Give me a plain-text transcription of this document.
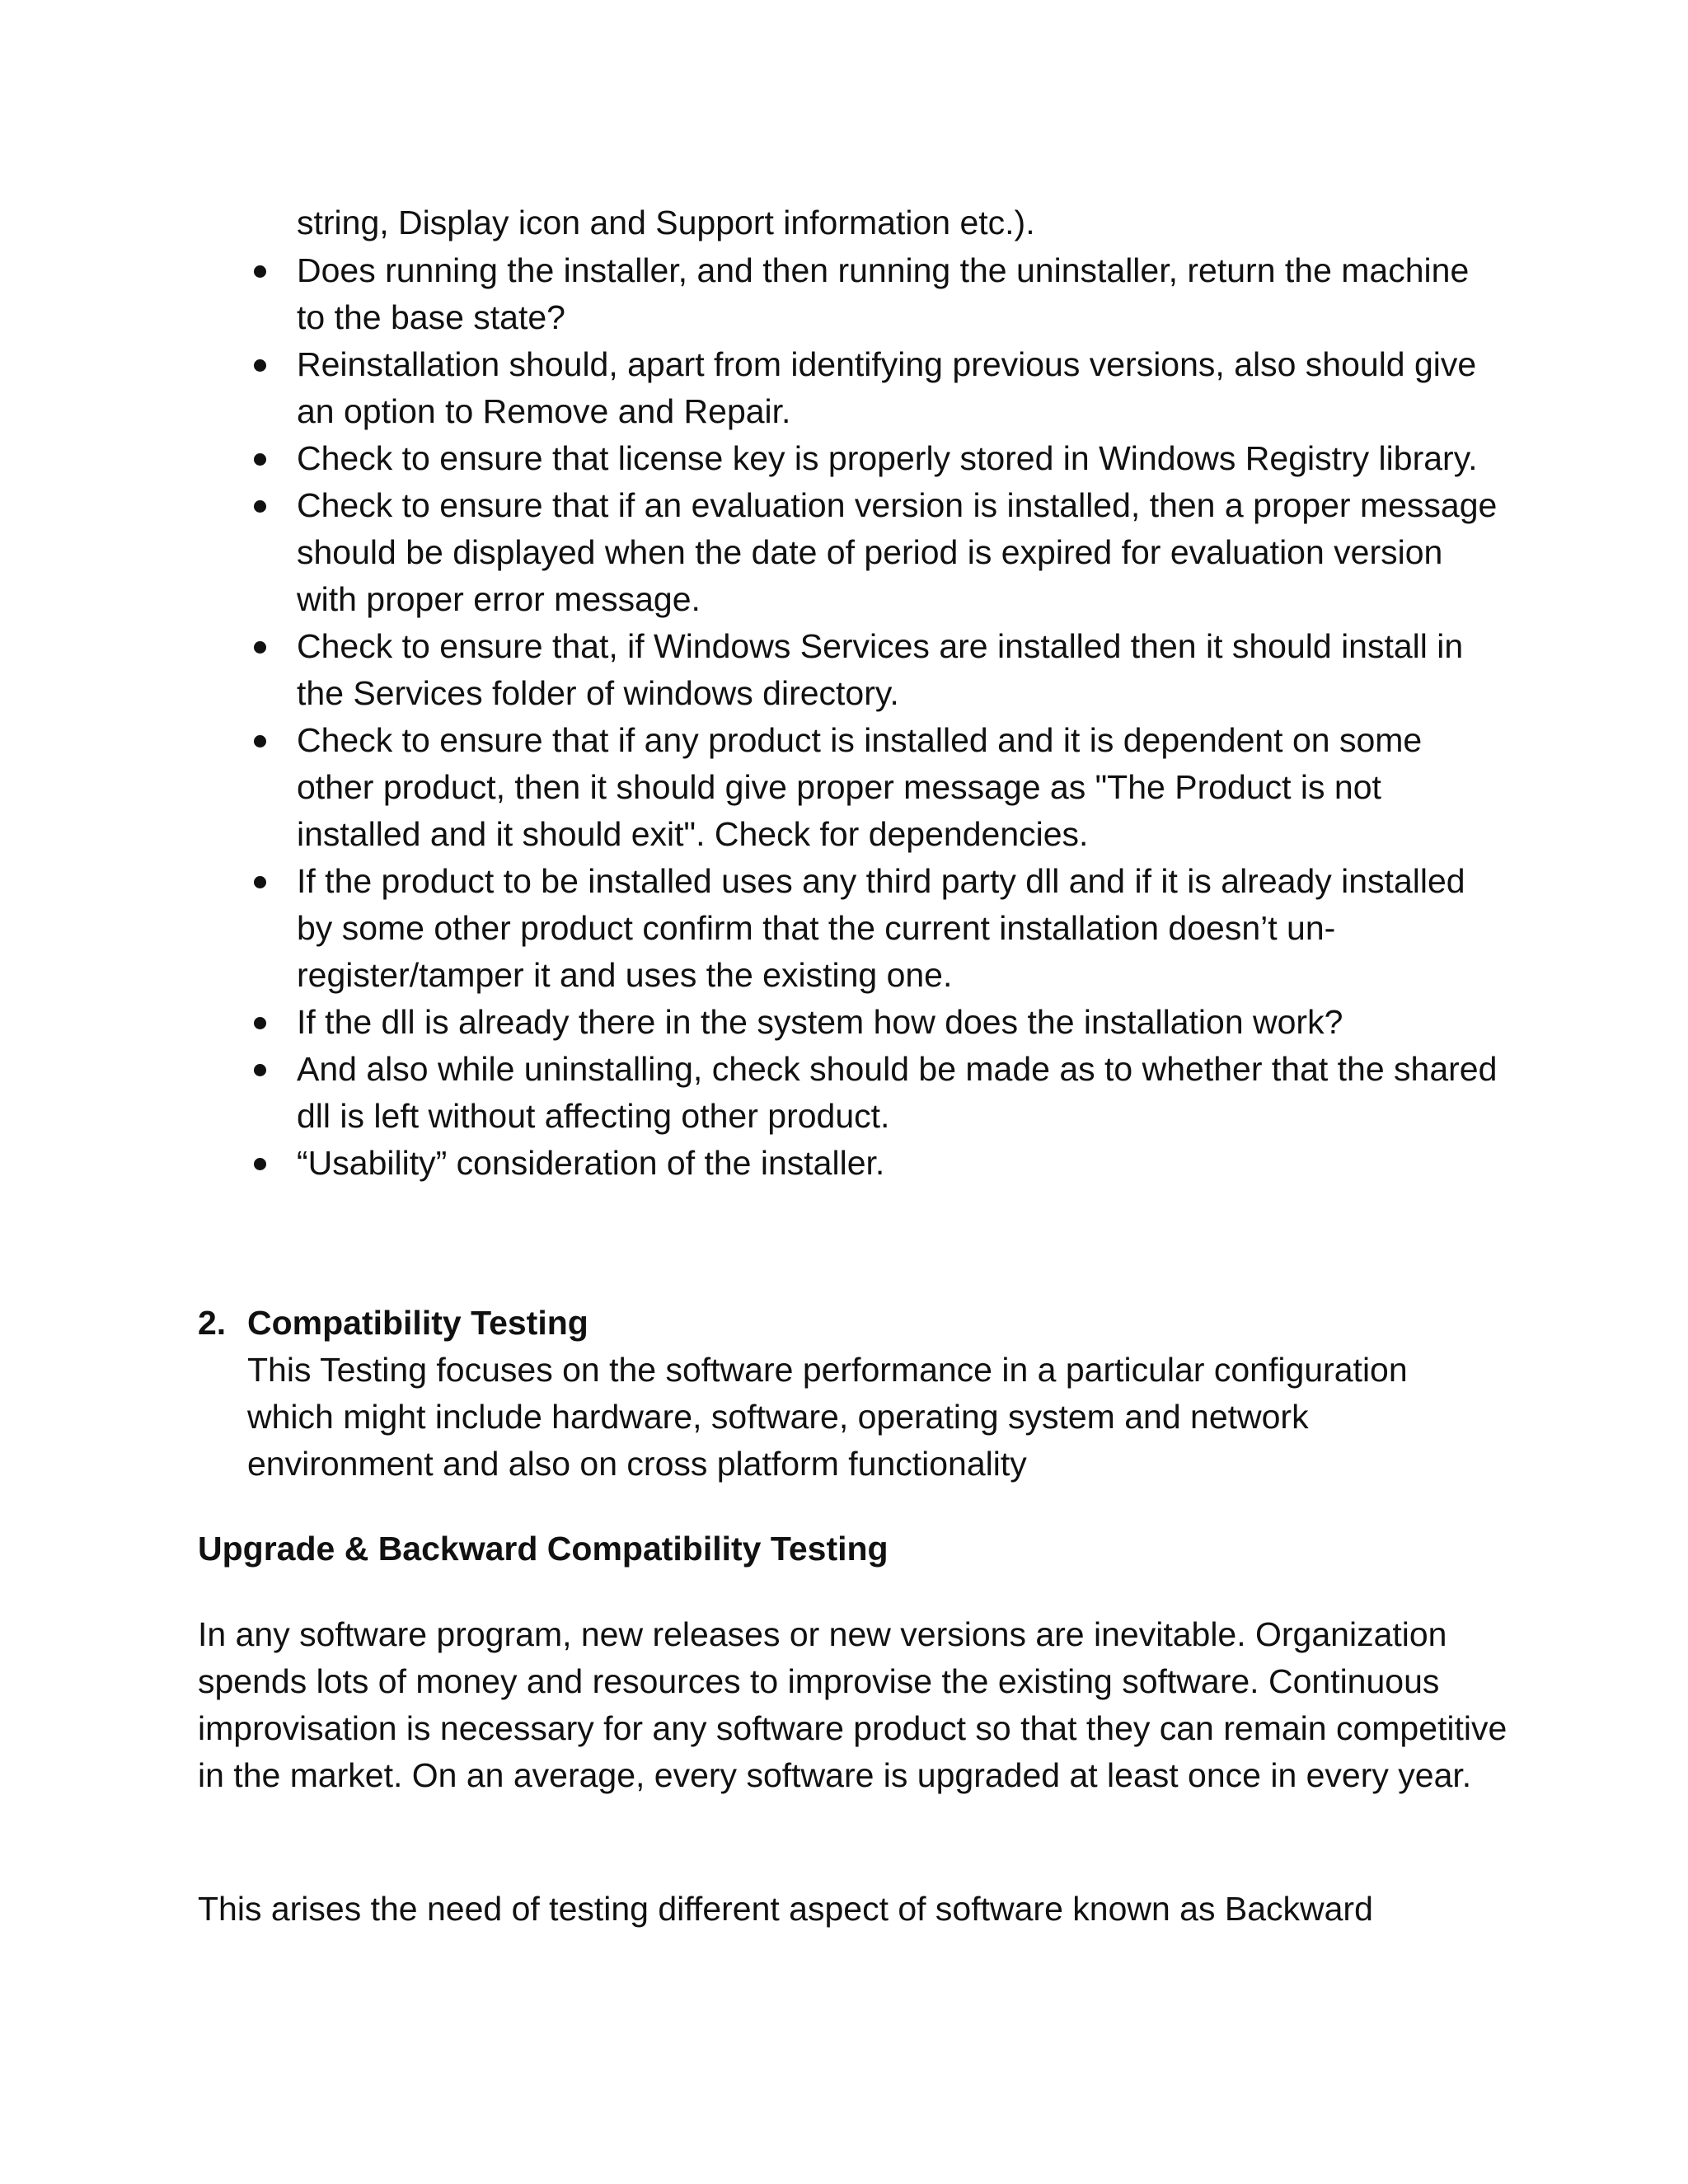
string, Display icon and Support information etc.).

Does running the installer, and then running the uninstaller, return the machine to the base state?
Reinstallation should, apart from identifying previous versions, also should give an option to Remove and Repair.
Check to ensure that license key is properly stored in Windows Registry library.
Check to ensure that if an evaluation version is installed, then a proper message should be displayed when the date of period is expired for evaluation version with proper error message.
Check to ensure that, if Windows Services are installed then it should install in the Services folder of windows directory.
Check to ensure that if any product is installed and it is dependent on some other product, then it should give proper message as "The Product is not installed and it should exit". Check for dependencies.
If the product to be installed uses any third party dll and if it is already installed by some other product confirm that the current installation doesn’t un-register/tamper it and uses the existing one.
If the dll is already there in the system how does the installation work?
And also while uninstalling, check should be made as to whether that the shared dll is left without affecting other product.
“Usability” consideration of the installer.
2. Compatibility Testing

This Testing focuses on the software performance in a particular configuration which might include hardware, software, operating system and network environment and also on cross platform functionality

Upgrade & Backward Compatibility Testing

In any software program, new releases or new versions are inevitable. Organization spends lots of money and resources to improvise the existing software. Continuous improvisation is necessary for any software product so that they can remain competitive in the market. On an average, every software is upgraded at least once in every year.

This arises the need of testing different aspect of software known as Backward
